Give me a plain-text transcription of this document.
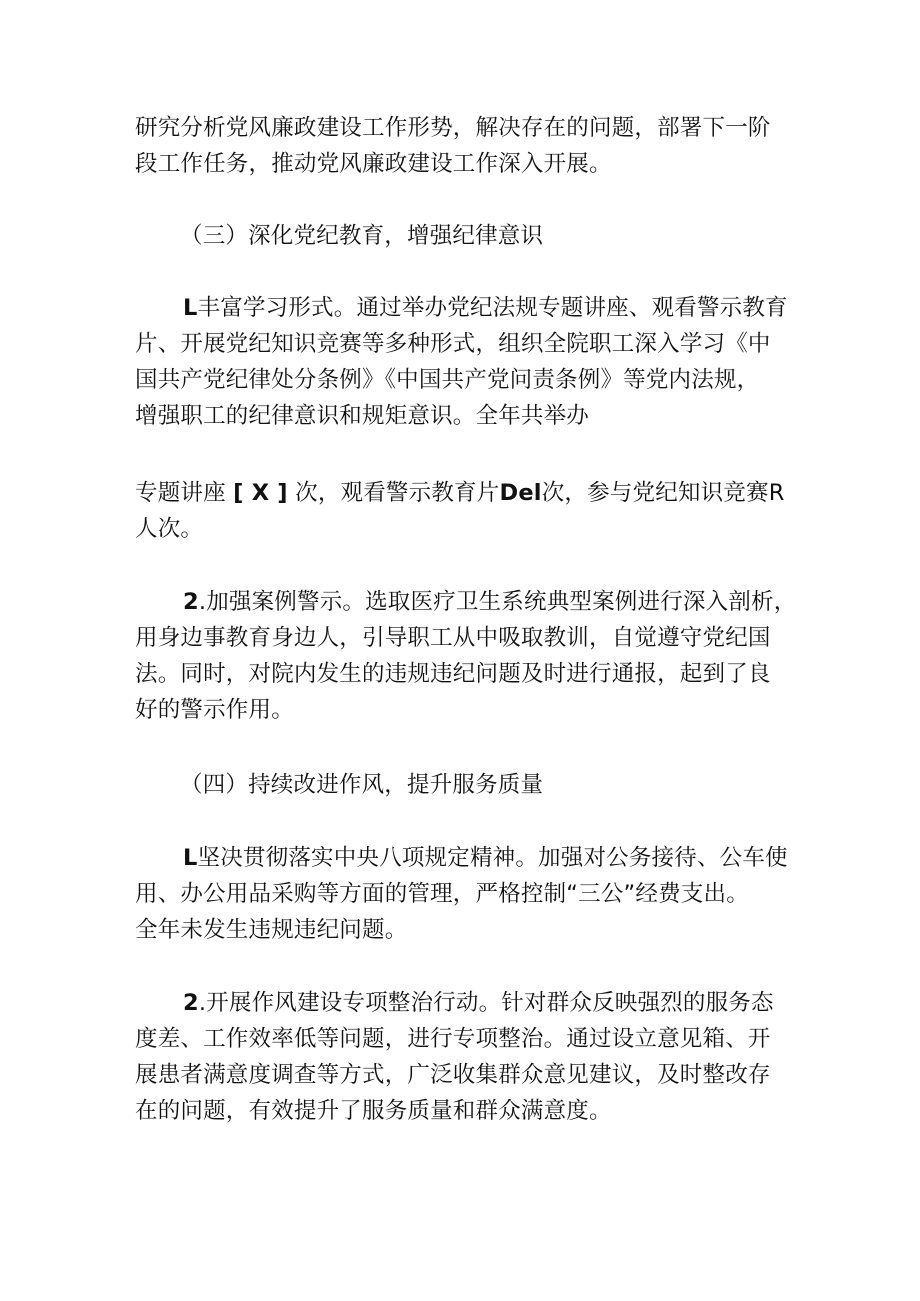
研究分析党风廉政建设工作形势，解决存在的问题，部署下一阶
段工作任务，推动党风廉政建设工作深入开展。

（三）深化党纪教育，增强纪律意识

L丰富学习形式。通过举办党纪法规专题讲座、观看警示教育
片、开展党纪知识竞赛等多种形式，组织全院职工深入学习《中
国共产党纪律处分条例》《中国共产党问责条例》等党内法规，
增强职工的纪律意识和规矩意识。全年共举办

专题讲座 [ X ] 次，观看警示教育片Del次，参与党纪知识竞赛R
人次。

2.加强案例警示。选取医疗卫生系统典型案例进行深入剖析，
用身边事教育身边人，引导职工从中吸取教训，自觉遵守党纪国
法。同时，对院内发生的违规违纪问题及时进行通报，起到了良
好的警示作用。

（四）持续改进作风，提升服务质量

L坚决贯彻落实中央八项规定精神。加强对公务接待、公车使
用、办公用品采购等方面的管理，严格控制“三公”经费支出。
全年未发生违规违纪问题。

2.开展作风建设专项整治行动。针对群众反映强烈的服务态
度差、工作效率低等问题，进行专项整治。通过设立意见箱、开
展患者满意度调查等方式，广泛收集群众意见建议，及时整改存
在的问题，有效提升了服务质量和群众满意度。
